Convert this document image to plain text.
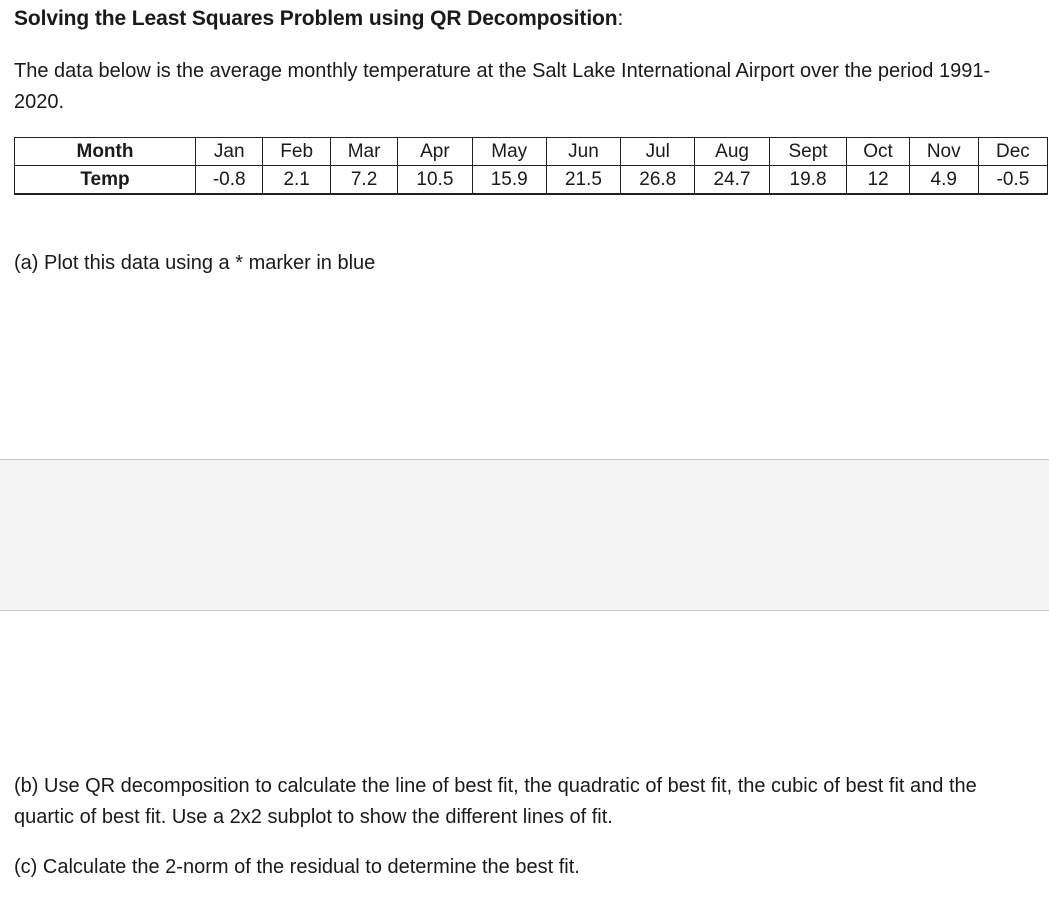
Solving the Least Squares Problem using QR Decomposition:
The data below is the average monthly temperature at the Salt Lake International Airport over the period 1991-2020.
Month	Jan	Feb	Mar	Apr	May	Jun	Jul	Aug	Sept	Oct	Nov	Dec
Temp	-0.8	2.1	7.2	10.5	15.9	21.5	26.8	24.7	19.8	12	4.9	-0.5
(a) Plot this data using a * marker in blue
(b) Use QR decomposition to calculate the line of best fit, the quadratic of best fit, the cubic of best fit and the quartic of best fit. Use a 2x2 subplot to show the different lines of fit.
(c) Calculate the 2-norm of the residual to determine the best fit.
